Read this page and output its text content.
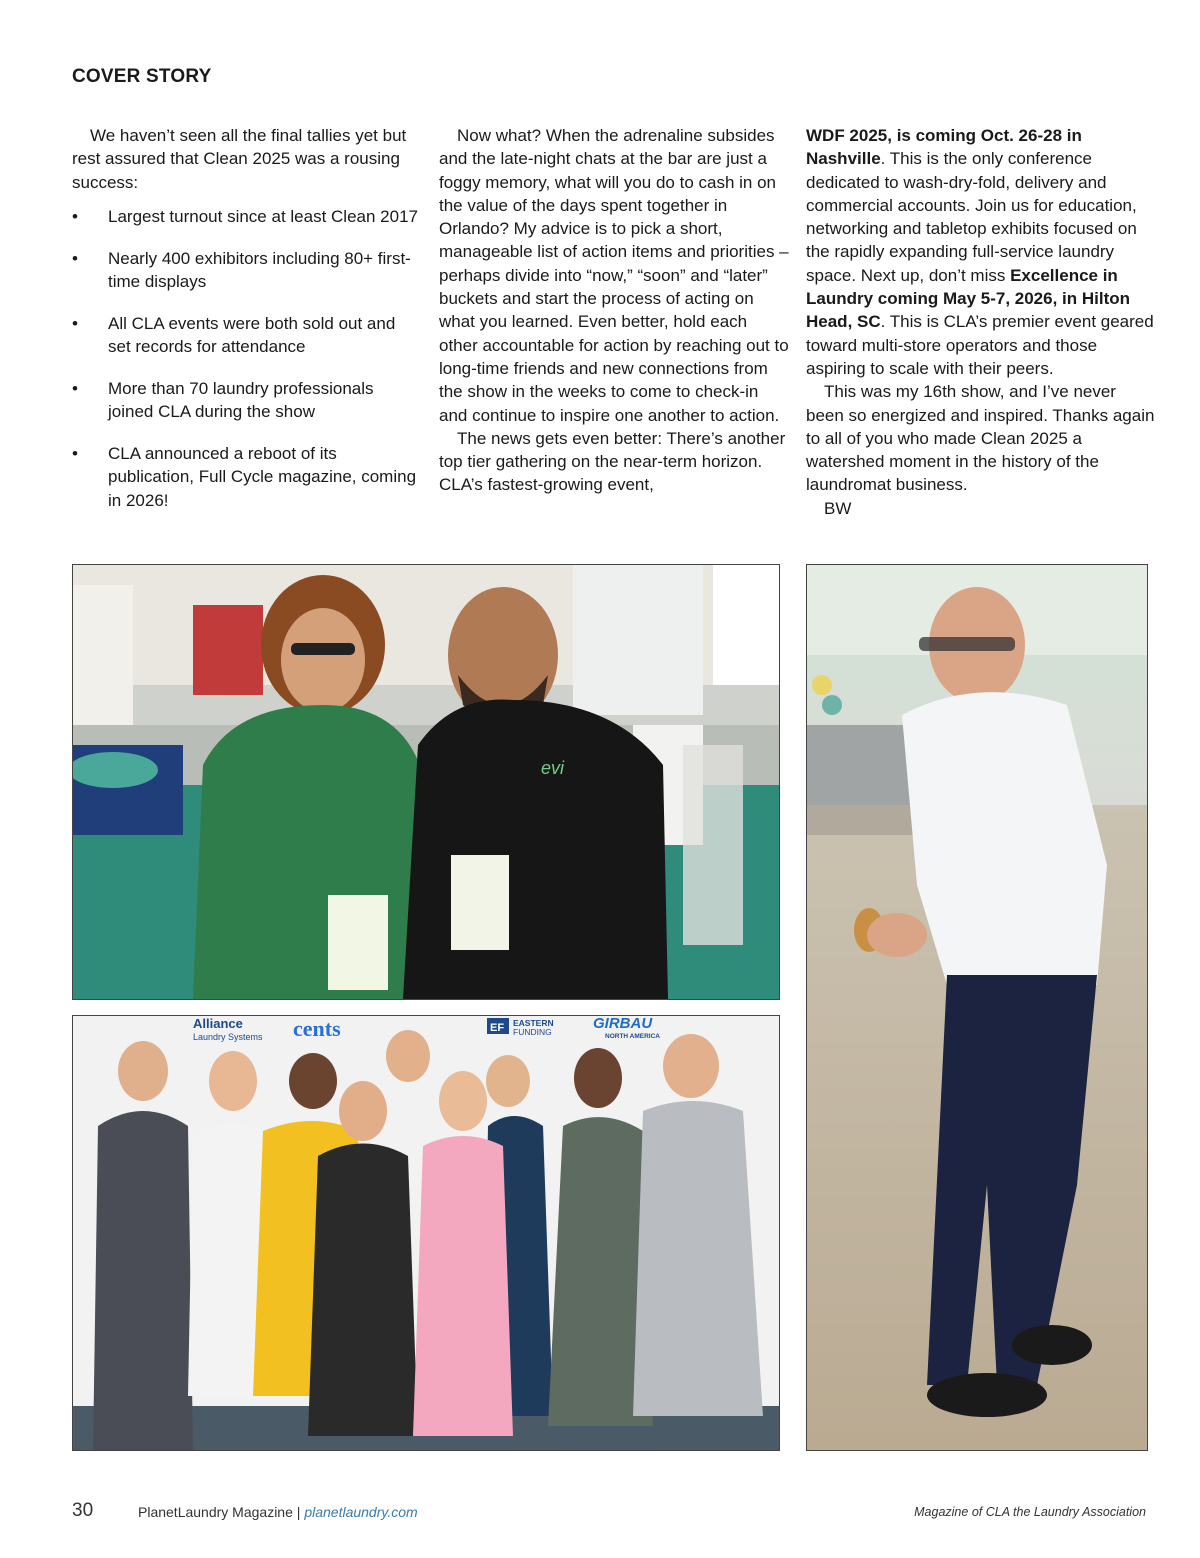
COVER STORY

We haven’t seen all the final tallies yet but rest assured that Clean 2025 was a rousing success:

• Largest turnout since at least Clean 2017
• Nearly 400 exhibitors including 80+ first-time displays
• All CLA events were both sold out and set records for attendance
• More than 70 laundry professionals joined CLA during the show
• CLA announced a reboot of its publication, Full Cycle magazine, coming in 2026!

Now what? When the adrenaline subsides and the late-night chats at the bar are just a foggy memory, what will you do to cash in on the value of the days spent together in Orlando? My advice is to pick a short, manageable list of action items and priorities – perhaps divide into “now,” “soon” and “later” buckets and start the process of acting on what you learned. Even better, hold each other accountable for action by reaching out to long-time friends and new connections from the show in the weeks to come to check-in and continue to inspire one another to action.

The news gets even better: There’s another top tier gathering on the near-term horizon. CLA’s fastest-growing event,

WDF 2025, is coming Oct. 26-28 in Nashville. This is the only conference dedicated to wash-dry-fold, delivery and commercial accounts. Join us for education, networking and tabletop exhibits focused on the rapidly expanding full-service laundry space. Next up, don’t miss Excellence in Laundry coming May 5-7, 2026, in Hilton Head, SC. This is CLA’s premier event geared toward multi-store operators and those aspiring to scale with their peers.

This was my 16th show, and I’ve never been so energized and inspired. Thanks again to all of you who made Clean 2025 a watershed moment in the history of the laundromat business.

BW

evi
Alliance
Laundry Systems cents	EF EASTERN
FUNDING	GIRBAU
NORTH AMERICA
30	PlanetLaundry Magazine | planetlaundry.com	Magazine of CLA the Laundry Association
